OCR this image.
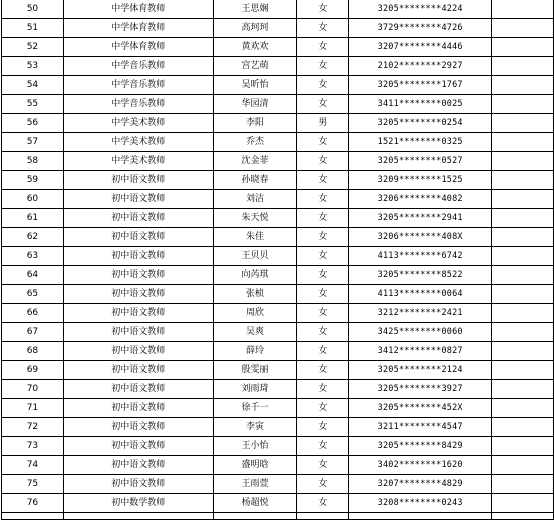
50	中学体育教师	王思娴	女	3205********4224	
51	中学体育教师	高珂珂	女	3729********4726	
52	中学体育教师	黄欢欢	女	3207********4446	
53	中学音乐教师	宫艺萌	女	2102********2927	
54	中学音乐教师	吴昕怡	女	3205********1767	
55	中学音乐教师	华园清	女	3411********0025	
56	中学美术教师	李阳	男	3205********0254	
57	中学美术教师	乔杰	女	1521********0325	
58	中学美术教师	沈金菲	女	3205********0527	
59	初中语文教师	孙晓春	女	3209********1525	
60	初中语文教师	刘洁	女	3206********4082	
61	初中语文教师	朱天悦	女	3205********2941	
62	初中语文教师	朱佳	女	3206********408X	
63	初中语文教师	王贝贝	女	4113********6742	
64	初中语文教师	向芮琪	女	3205********8522	
65	初中语文教师	张桢	女	4113********0064	
66	初中语文教师	周欣	女	3212********2421	
67	初中语文教师	吴爽	女	3425********0060	
68	初中语文教师	薛玲	女	3412********0827	
69	初中语文教师	殷雯丽	女	3205********2124	
70	初中语文教师	刘雨琦	女	3205********3927	
71	初中语文教师	徐千一	女	3205********452X	
72	初中语文教师	李寅	女	3211********4547	
73	初中语文教师	王小怡	女	3205********8429	
74	初中语文教师	盛明晗	女	3402********1620	
75	初中语文教师	王雨萱	女	3207********4829	
76	初中数学教师	杨超悦	女	3208********0243	
